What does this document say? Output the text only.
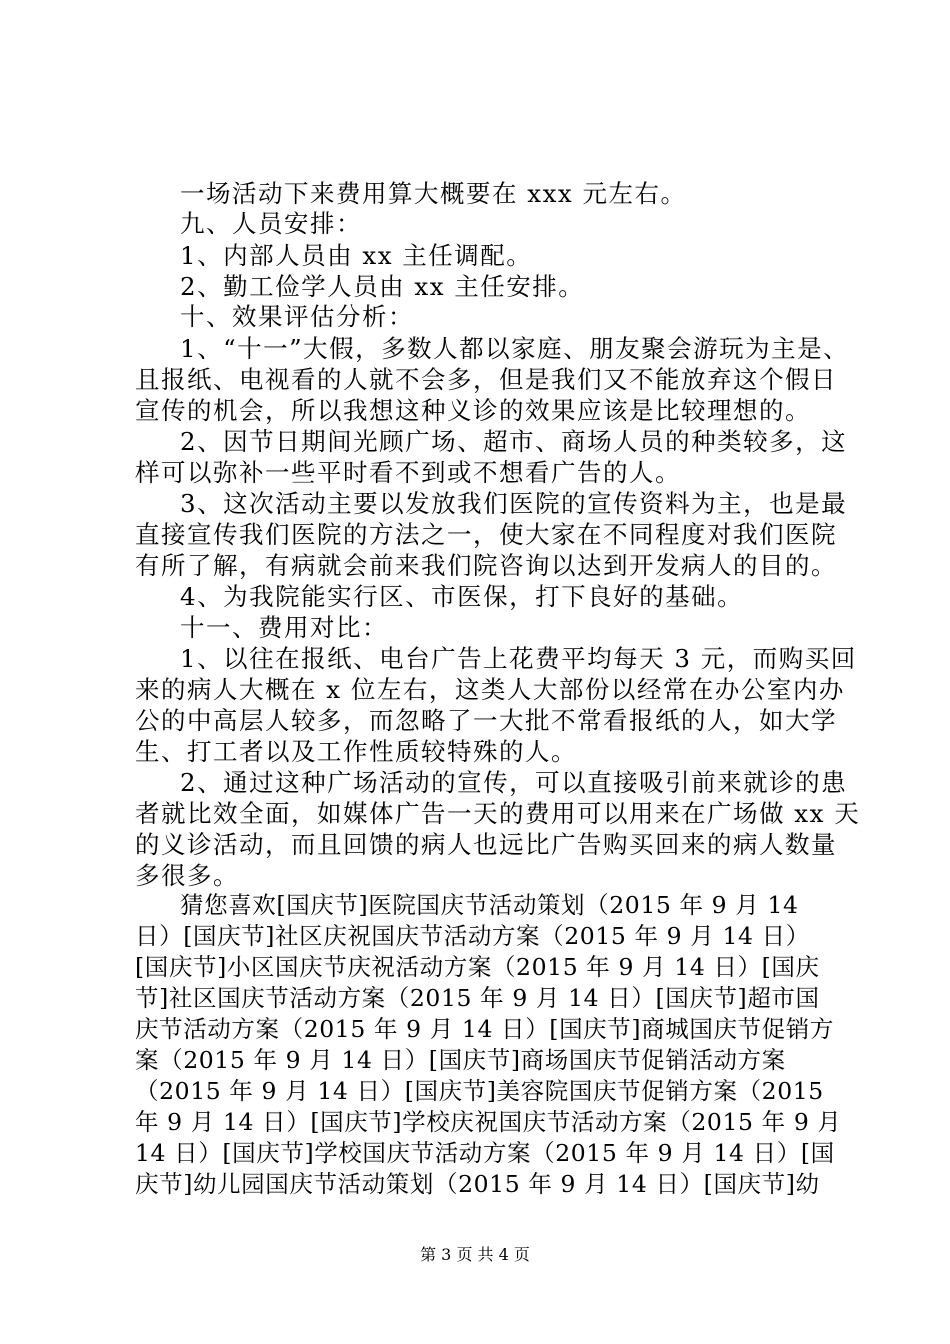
一场活动下来费用算大概要在 xxx 元左右。
九、人员安排：
1、内部人员由 xx 主任调配。
2、勤工俭学人员由 xx 主任安排。
十、效果评估分析：
1、“十一”大假，多数人都以家庭、朋友聚会游玩为主是、
且报纸、电视看的人就不会多，但是我们又不能放弃这个假日
宣传的机会，所以我想这种义诊的效果应该是比较理想的。
2、因节日期间光顾广场、超市、商场人员的种类较多，这
样可以弥补一些平时看不到或不想看广告的人。
3、这次活动主要以发放我们医院的宣传资料为主，也是最
直接宣传我们医院的方法之一，使大家在不同程度对我们医院
有所了解，有病就会前来我们院咨询以达到开发病人的目的。
4、为我院能实行区、市医保，打下良好的基础。
十一、费用对比：
1、以往在报纸、电台广告上花费平均每天 3 元，而购买回
来的病人大概在 x 位左右，这类人大部份以经常在办公室内办
公的中高层人较多，而忽略了一大批不常看报纸的人，如大学
生、打工者以及工作性质较特殊的人。
2、通过这种广场活动的宣传，可以直接吸引前来就诊的患
者就比效全面，如媒体广告一天的费用可以用来在广场做 xx 天
的义诊活动，而且回馈的病人也远比广告购买回来的病人数量
多很多。
猜您喜欢[国庆节]医院国庆节活动策划（2015 年 9 月 14
日）[国庆节]社区庆祝国庆节活动方案（2015 年 9 月 14 日）
[国庆节]小区国庆节庆祝活动方案（2015 年 9 月 14 日）[国庆
节]社区国庆节活动方案（2015 年 9 月 14 日）[国庆节]超市国
庆节活动方案（2015 年 9 月 14 日）[国庆节]商城国庆节促销方
案（2015 年 9 月 14 日）[国庆节]商场国庆节促销活动方案
（2015 年 9 月 14 日）[国庆节]美容院国庆节促销方案（2015
年 9 月 14 日）[国庆节]学校庆祝国庆节活动方案（2015 年 9 月
14 日）[国庆节]学校国庆节活动方案（2015 年 9 月 14 日）[国
庆节]幼儿园国庆节活动策划（2015 年 9 月 14 日）[国庆节]幼
第 3 页 共 4 页
